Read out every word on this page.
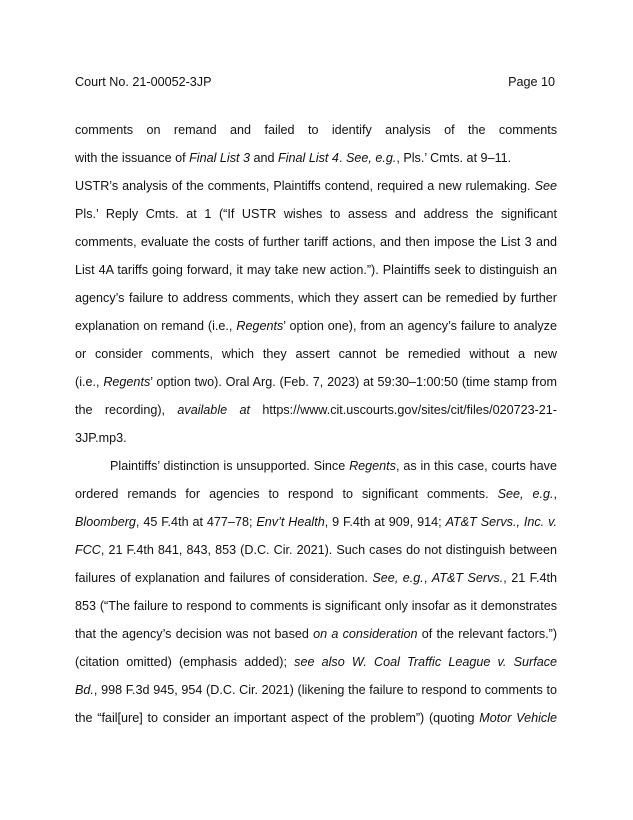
Court No. 21-00052-3JP	Page 10
comments on remand and failed to identify analysis of the comments
with the issuance of Final List 3 and Final List 4. See, e.g., Pls.’ Cmts. at 9–11.
USTR’s analysis of the comments, Plaintiffs contend, required a new rulemaking. See
Pls.’ Reply Cmts. at 1 (“If USTR wishes to assess and address the significant
comments, evaluate the costs of further tariff actions, and then impose the List 3 and
List 4A tariffs going forward, it may take new action.”). Plaintiffs seek to distinguish an
agency’s failure to address comments, which they assert can be remedied by further
explanation on remand (i.e., Regents’ option one), from an agency’s failure to analyze
or consider comments, which they assert cannot be remedied without a new
(i.e., Regents’ option two). Oral Arg. (Feb. 7, 2023) at 59:30–1:00:50 (time stamp from
the recording), available at https://www.cit.uscourts.gov/sites/cit/files/020723-21-
3JP.mp3.
Plaintiffs’ distinction is unsupported. Since Regents, as in this case, courts have
ordered remands for agencies to respond to significant comments. See, e.g.,
Bloomberg, 45 F.4th at 477–78; Env’t Health, 9 F.4th at 909, 914; AT&T Servs., Inc. v.
FCC, 21 F.4th 841, 843, 853 (D.C. Cir. 2021). Such cases do not distinguish between
failures of explanation and failures of consideration. See, e.g., AT&T Servs., 21 F.4th
853 (“The failure to respond to comments is significant only insofar as it demonstrates
that the agency’s decision was not based on a consideration of the relevant factors.”)
(citation omitted) (emphasis added); see also W. Coal Traffic League v. Surface
Bd., 998 F.3d 945, 954 (D.C. Cir. 2021) (likening the failure to respond to comments to
the “fail[ure] to consider an important aspect of the problem”) (quoting Motor Vehicle
